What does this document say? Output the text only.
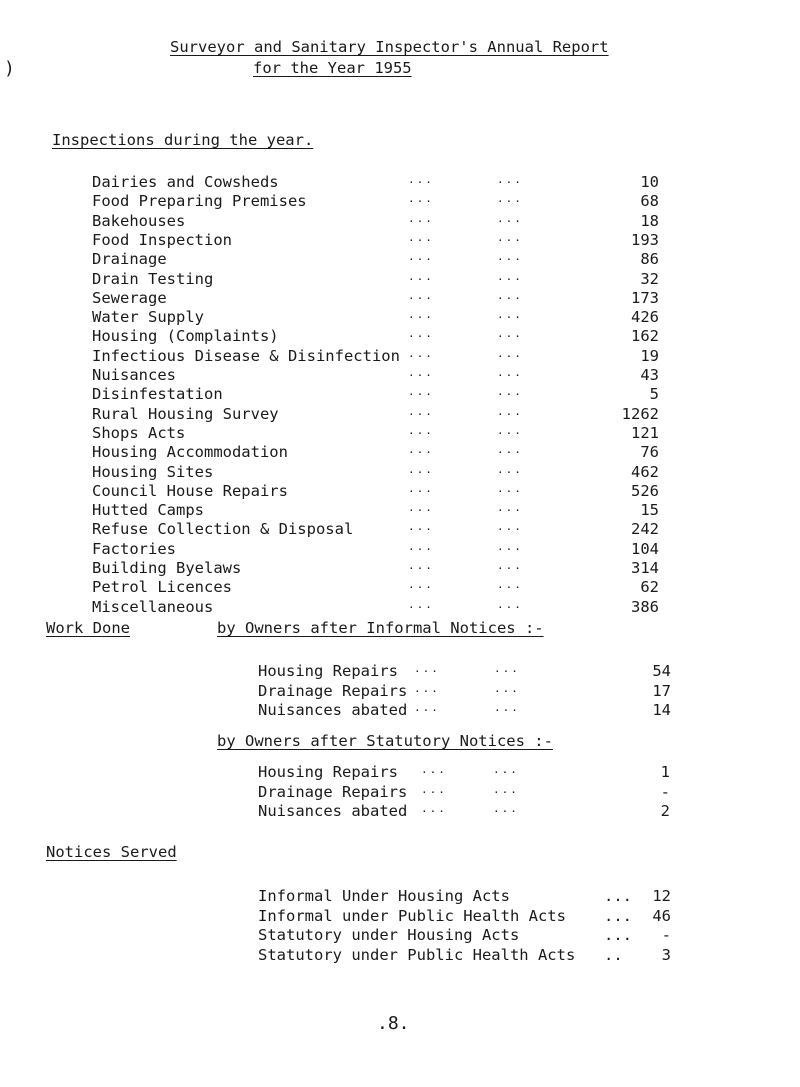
)
Surveyor and Sanitary Inspector's Annual Report
for the Year 1955
Inspections during the year.
Dairies and Cowsheds	...	...	10
Food Preparing Premises	...	...	68
Bakehouses	...	...	18
Food Inspection	...	...	193
Drainage	...	...	86
Drain Testing	...	...	32
Sewerage	...	...	173
Water Supply	...	...	426
Housing (Complaints)	...	...	162
Infectious Disease & Disinfection ...	...	19
Nuisances	...	...	43
Disinfestation	...	...	5
Rural Housing Survey	...	...	1262
Shops Acts	...	...	121
Housing Accommodation	...	...	76
Housing Sites	...	...	462
Council House Repairs	...	...	526
Hutted Camps	...	...	15
Refuse Collection & Disposal	...	...	242
Factories	...	...	104
Building Byelaws	...	...	314
Petrol Licences	...	...	62
Miscellaneous	...	...	386
Work Done	by Owners after Informal Notices :-
Housing Repairs ...	...	54
Drainage Repairs ...	...	17
Nuisances abated ...	...	14
by Owners after Statutory Notices :-
Housing Repairs ...	...	1
Drainage Repairs ...	...	-
Nuisances abated ...	...	2
Notices Served
Informal Under Housing Acts	...	12
Informal under Public Health Acts ...	46
Statutory under Housing Acts	...	-
Statutory under Public Health Acts ..	3
.8.
